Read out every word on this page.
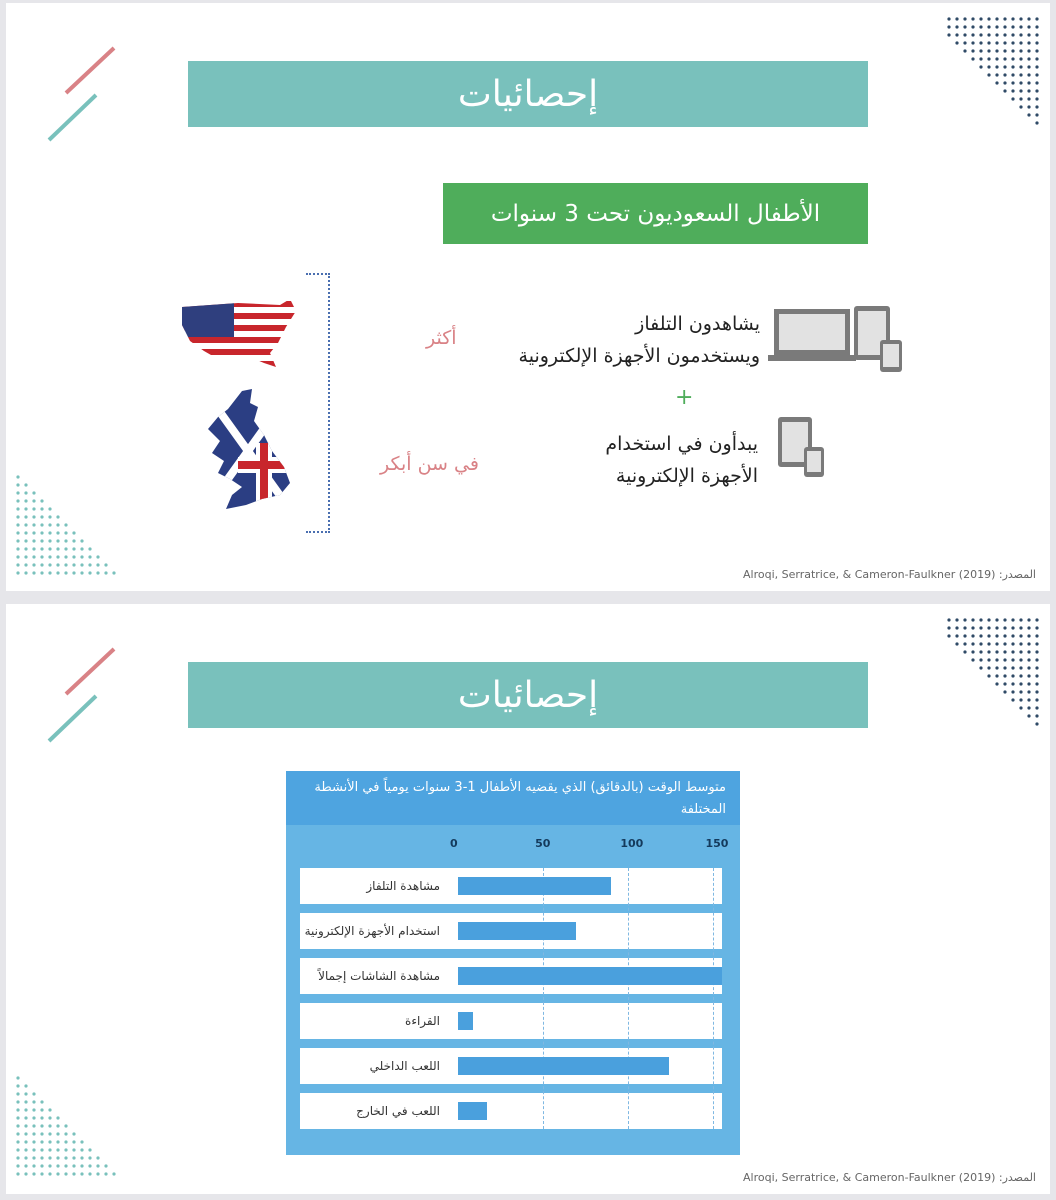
إحصائيات
الأطفال السعوديون تحت 3 سنوات
يشاهدون التلفاز
ويستخدمون الأجهزة الإلكترونية
+
يبدأون في استخدام
الأجهزة الإلكترونية
أكثر
في سن أبكر
المصدر: Alroqi, Serratrice, & Cameron-Faulkner (2019)
إحصائيات
متوسط الوقت (بالدقائق) الذي يقضيه الأطفال 1-3 سنوات يومياً في الأنشطة المختلفة
0	50	100	150
مشاهدة التلفاز
استخدام الأجهزة الإلكترونية
مشاهدة الشاشات إجمالاً
القراءة
اللعب الداخلي
اللعب في الخارج
المصدر: Alroqi, Serratrice, & Cameron-Faulkner (2019)
